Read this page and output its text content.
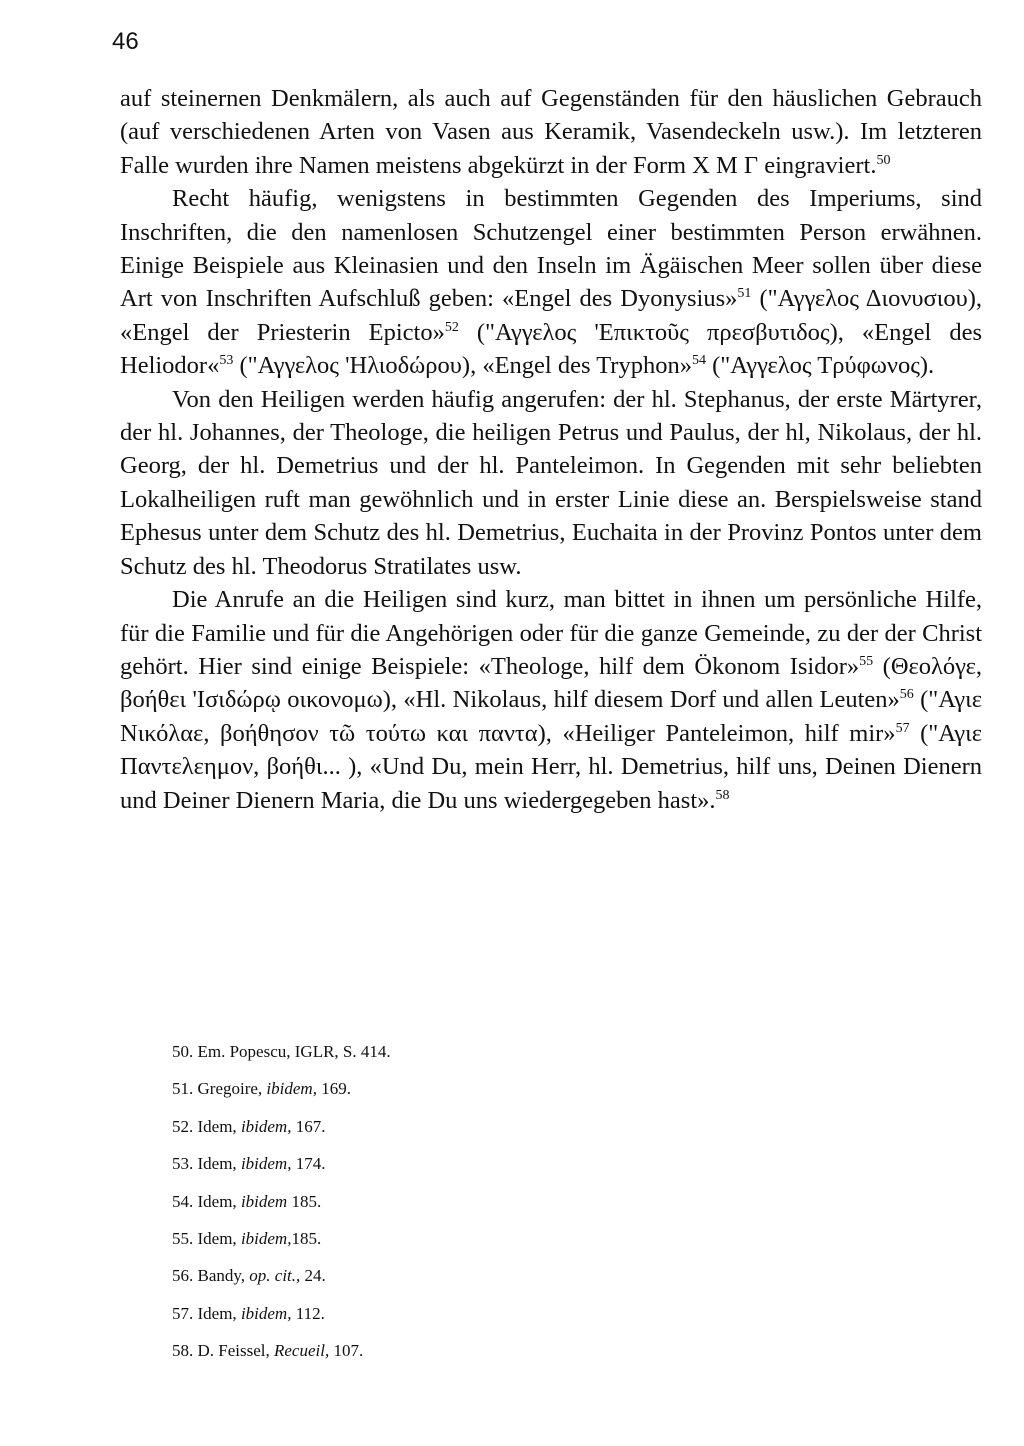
46

auf steinernen Denkmälern, als auch auf Gegenständen für den häuslichen Gebrauch (auf verschiedenen Arten von Vasen aus Keramik, Vasendeckeln usw.). Im letzteren Falle wurden ihre Namen meistens abgekürzt in der Form Χ Μ Γ eingraviert.$^{50}$

Recht häufig, wenigstens in bestimmten Gegenden des Imperiums, sind Inschriften, die den namenlosen Schutzengel einer bestimmten Person erwähnen. Einige Beispiele aus Kleinasien und den Inseln im Ägäischen Meer sollen über diese Art von Inschriften Aufschluß geben: «Engel des Dyonysius»$^{51}$ ("Αγγελος Διονυσιου), «Engel der Priesterin Epicto»$^{52}$ ("Αγγελος 'Επικτοῦς πρεσβυτιδος), «Engel des Heliodor«$^{53}$ ("Αγγελος 'Ηλιοδώρου), «Engel des Tryphon»$^{54}$ ("Αγγελος Τρύφωνος).

Von den Heiligen werden häufig angerufen: der hl. Stephanus, der erste Märtyrer, der hl. Johannes, der Theologe, die heiligen Petrus und Paulus, der hl, Nikolaus, der hl. Georg, der hl. Demetrius und der hl. Panteleimon. In Gegenden mit sehr beliebten Lokalheiligen ruft man gewöhnlich und in erster Linie diese an. Berspielsweise stand Ephesus unter dem Schutz des hl. Demetrius, Euchaita in der Provinz Pontos unter dem Schutz des hl. Theodorus Stratilates usw.

Die Anrufe an die Heiligen sind kurz, man bittet in ihnen um persönliche Hilfe, für die Familie und für die Angehörigen oder für die ganze Gemeinde, zu der der Christ gehört. Hier sind einige Beispiele: «Theologe, hilf dem Ökonom Isidor»$^{55}$ (Θεολόγε, βοήθει 'Ισιδώρῳ οικονομω), «Hl. Nikolaus, hilf diesem Dorf und allen Leuten»$^{56}$ ("Αγιε Νικόλαε, βοήθησον τῶ τούτω και παντα), «Heiliger Panteleimon, hilf mir»$^{57}$ ("Αγιε Παντελεημον, βοήθι... ), «Und Du, mein Herr, hl. Demetrius, hilf uns, Deinen Dienern und Deiner Dienern Maria, die Du uns wiedergegeben hast».$^{58}$

50. Em. Popescu, IGLR, S. 414.
51. Gregoire, ibidem, 169.
52. Idem, ibidem, 167.
53. Idem, ibidem, 174.
54. Idem, ibidem 185.
55. Idem, ibidem,185.
56. Bandy, op. cit., 24.
57. Idem, ibidem, 112.
58. D. Feissel, Recueil, 107.
